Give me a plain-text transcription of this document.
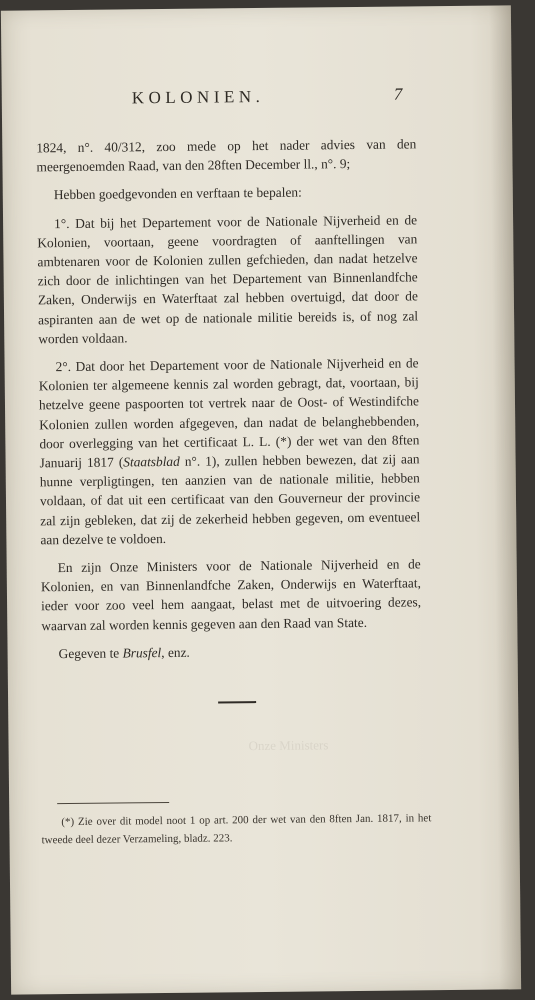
KOLONIEN.	7

1824, n°. 40/312, zoo mede op het nader advies van den meergenoemden Raad, van den 28ften December ll., n°. 9;

Hebben goedgevonden en verftaan te bepalen:

1°. Dat bij het Departement voor de Nationale Nijverheid en de Kolonien, voortaan, geene voordragten of aanftellingen van ambtenaren voor de Kolonien zullen gefchieden, dan nadat hetzelve zich door de inlichtingen van het Departement van Binnenlandfche Zaken, Onderwijs en Waterftaat zal hebben overtuigd, dat door de aspiranten aan de wet op de nationale militie bereids is, of nog zal worden voldaan.

2°. Dat door het Departement voor de Nationale Nijverheid en de Kolonien ter algemeene kennis zal worden gebragt, dat, voortaan, bij hetzelve geene paspoorten tot vertrek naar de Oost- of Westindifche Kolonien zullen worden afgegeven, dan nadat de belanghebbenden, door overlegging van het certificaat L. L. (*) der wet van den 8ften Januarij 1817 (Staatsblad n°. 1), zullen hebben bewezen, dat zij aan hunne verpligtingen, ten aanzien van de nationale militie, hebben voldaan, of dat uit een certificaat van den Gouverneur der provincie zal zijn gebleken, dat zij de zekerheid hebben gegeven, om eventueel aan dezelve te voldoen.

En zijn Onze Ministers voor de Nationale Nijverheid en de Kolonien, en van Binnenlandfche Zaken, Onderwijs en Waterftaat, ieder voor zoo veel hem aangaat, belast met de uitvoering dezes, waarvan zal worden kennis gegeven aan den Raad van State.

Gegeven te Brusfel, enz.

Onze Ministers

(*) Zie over dit model noot 1 op art. 200 der wet van den 8ften Jan. 1817, in het tweede deel dezer Verzameling, bladz. 223.
